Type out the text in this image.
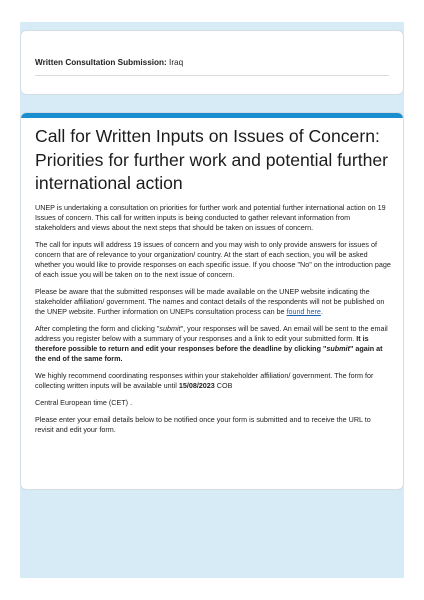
Written Consultation Submission: Iraq
Call for Written Inputs on Issues of Concern: Priorities for further work and potential further international action

UNEP is undertaking a consultation on priorities for further work and potential further international action on 19 Issues of concern. This call for written inputs is being conducted to gather relevant information from stakeholders and views about the next steps that should be taken on issues of concern.

The call for inputs will address 19 issues of concern and you may wish to only provide answers for issues of concern that are of relevance to your organization/ country. At the start of each section, you will be asked whether you would like to provide responses on each specific issue. If you choose "No" on the introduction page of each issue you will be taken on to the next issue of concern.

Please be aware that the submitted responses will be made available on the UNEP website indicating the stakeholder affiliation/ government. The names and contact details of the respondents will not be published on the UNEP website. Further information on UNEPs consultation process can be found here.

After completing the form and clicking "submit", your responses will be saved. An email will be sent to the email address you register below with a summary of your responses and a link to edit your submitted form. It is therefore possible to return and edit your responses before the deadline by clicking "submit" again at the end of the same form.

We highly recommend coordinating responses within your stakeholder affiliation/ government. The form for collecting written inputs will be available until 15/08/2023 COB

Central European time (CET) .

Please enter your email details below to be notified once your form is submitted and to receive the URL to revisit and edit your form.
